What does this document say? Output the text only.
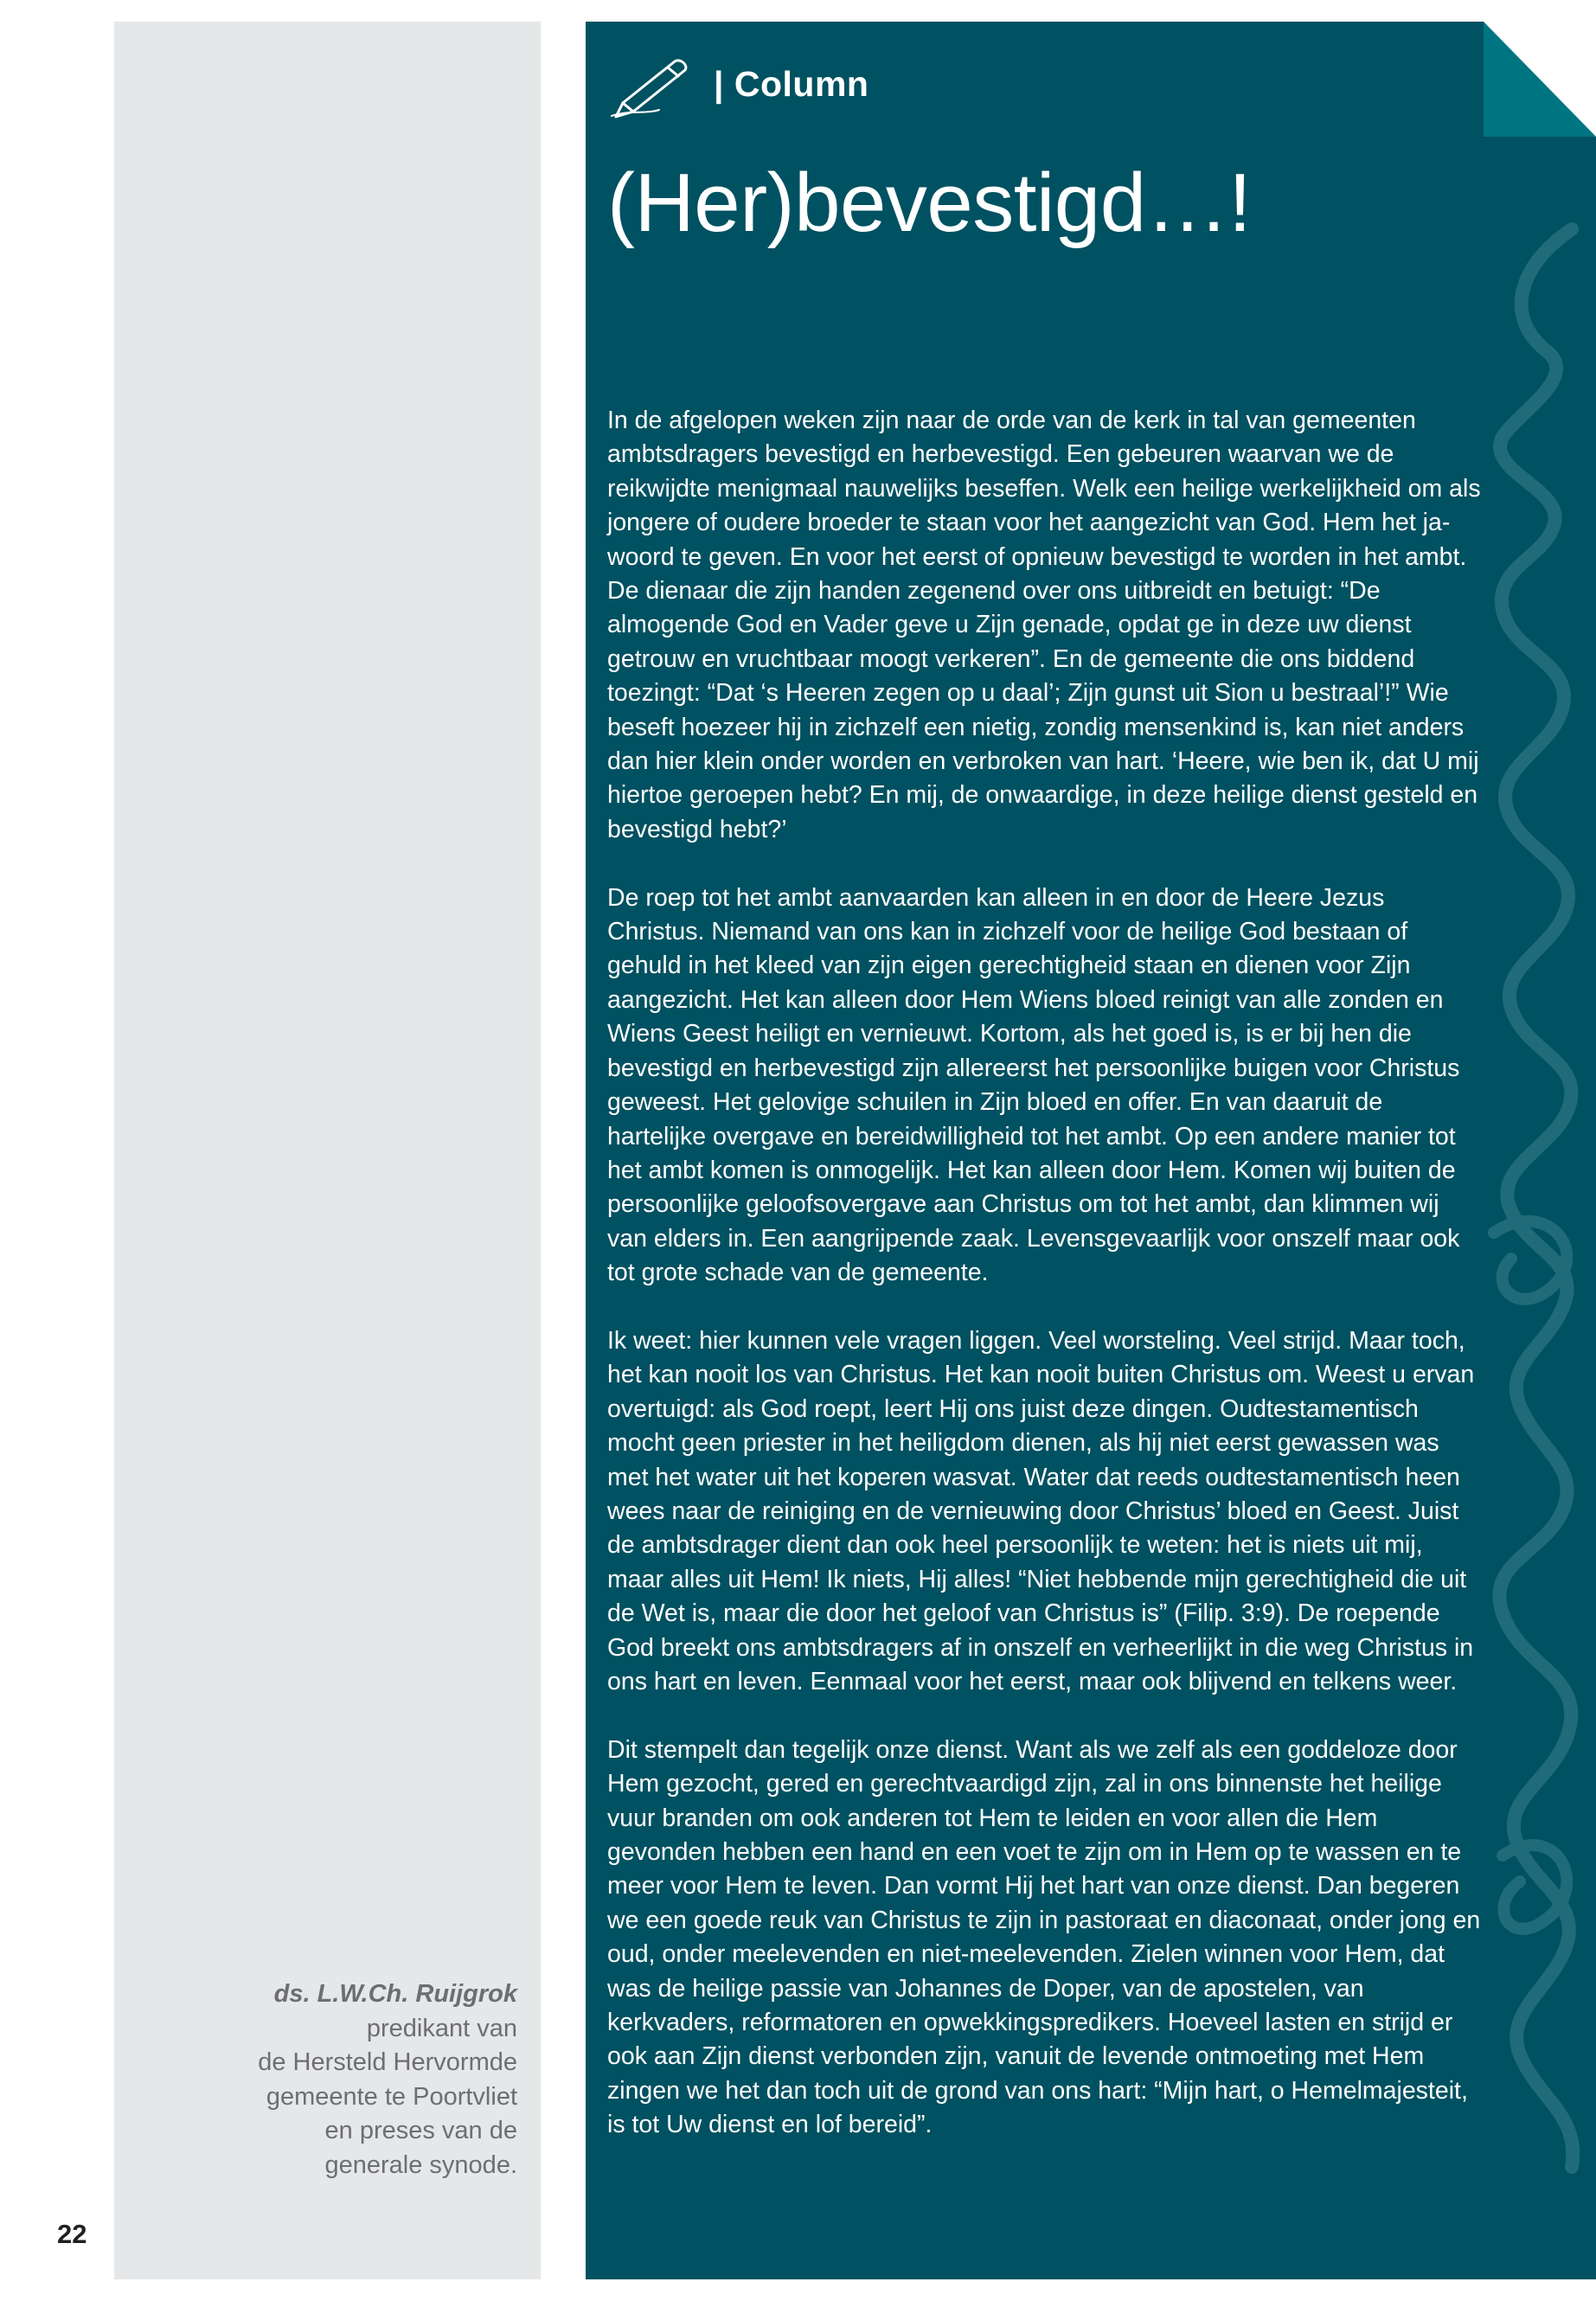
ds. L.W.Ch. Ruijgrok
predikant van
de Hersteld Hervormde
gemeente te Poortvliet
en preses van de
generale synode.
22
| Column
(Her)bevestigd…!

In de afgelopen weken zijn naar de orde van de kerk in tal van gemeenten ambtsdragers bevestigd en herbevestigd. Een gebeuren waarvan we de reikwijdte menigmaal nauwelijks beseffen. Welk een heilige werkelijkheid om als jongere of oudere broeder te staan voor het aangezicht van God. Hem het ja-woord te geven. En voor het eerst of opnieuw bevestigd te worden in het ambt. De dienaar die zijn handen zegenend over ons uitbreidt en betuigt: “De almogende God en Vader geve u Zijn genade, opdat ge in deze uw dienst getrouw en vruchtbaar moogt verkeren”. En de gemeente die ons biddend toezingt: “Dat ‘s Heeren zegen op u daal’; Zijn gunst uit Sion u bestraal’!” Wie beseft hoezeer hij in zichzelf een nietig, zondig mensenkind is, kan niet anders dan hier klein onder worden en verbroken van hart. ‘Heere, wie ben ik, dat U mij hiertoe geroepen hebt? En mij, de onwaardige, in deze heilige dienst gesteld en bevestigd hebt?’

De roep tot het ambt aanvaarden kan alleen in en door de Heere Jezus Christus. Niemand van ons kan in zichzelf voor de heilige God bestaan of gehuld in het kleed van zijn eigen gerechtigheid staan en dienen voor Zijn aangezicht. Het kan alleen door Hem Wiens bloed reinigt van alle zonden en Wiens Geest heiligt en vernieuwt. Kortom, als het goed is, is er bij hen die bevestigd en herbevestigd zijn allereerst het persoonlijke buigen voor Christus geweest. Het gelovige schuilen in Zijn bloed en offer. En van daaruit de hartelijke overgave en bereidwilligheid tot het ambt. Op een andere manier tot het ambt komen is onmogelijk. Het kan alleen door Hem. Komen wij buiten de persoonlijke geloofsovergave aan Christus om tot het ambt, dan klimmen wij van elders in. Een aangrijpende zaak. Levensgevaarlijk voor onszelf maar ook tot grote schade van de gemeente.

Ik weet: hier kunnen vele vragen liggen. Veel worsteling. Veel strijd. Maar toch, het kan nooit los van Christus. Het kan nooit buiten Christus om. Weest u ervan overtuigd: als God roept, leert Hij ons juist deze dingen. Oudtestamentisch mocht geen priester in het heiligdom dienen, als hij niet eerst gewassen was met het water uit het koperen wasvat. Water dat reeds oudtestamentisch heen wees naar de reiniging en de vernieuwing door Christus’ bloed en Geest. Juist de ambtsdrager dient dan ook heel persoonlijk te weten: het is niets uit mij, maar alles uit Hem! Ik niets, Hij alles! “Niet hebbende mijn gerechtigheid die uit de Wet is, maar die door het geloof van Christus is” (Filip. 3:9). De roepende God breekt ons ambtsdragers af in onszelf en verheerlijkt in die weg Christus in ons hart en leven. Eenmaal voor het eerst, maar ook blijvend en telkens weer.

Dit stempelt dan tegelijk onze dienst. Want als we zelf als een goddeloze door Hem gezocht, gered en gerechtvaardigd zijn, zal in ons binnenste het heilige vuur branden om ook anderen tot Hem te leiden en voor allen die Hem gevonden hebben een hand en een voet te zijn om in Hem op te wassen en te meer voor Hem te leven. Dan vormt Hij het hart van onze dienst. Dan begeren we een goede reuk van Christus te zijn in pastoraat en diaconaat, onder jong en oud, onder meelevenden en niet-meelevenden. Zielen winnen voor Hem, dat was de heilige passie van Johannes de Doper, van de apostelen, van kerkvaders, reformatoren en opwekkingspredikers. Hoeveel lasten en strijd er ook aan Zijn dienst verbonden zijn, vanuit de levende ontmoeting met Hem zingen we het dan toch uit de grond van ons hart: “Mijn hart, o Hemelmajesteit, is tot Uw dienst en lof bereid”.
